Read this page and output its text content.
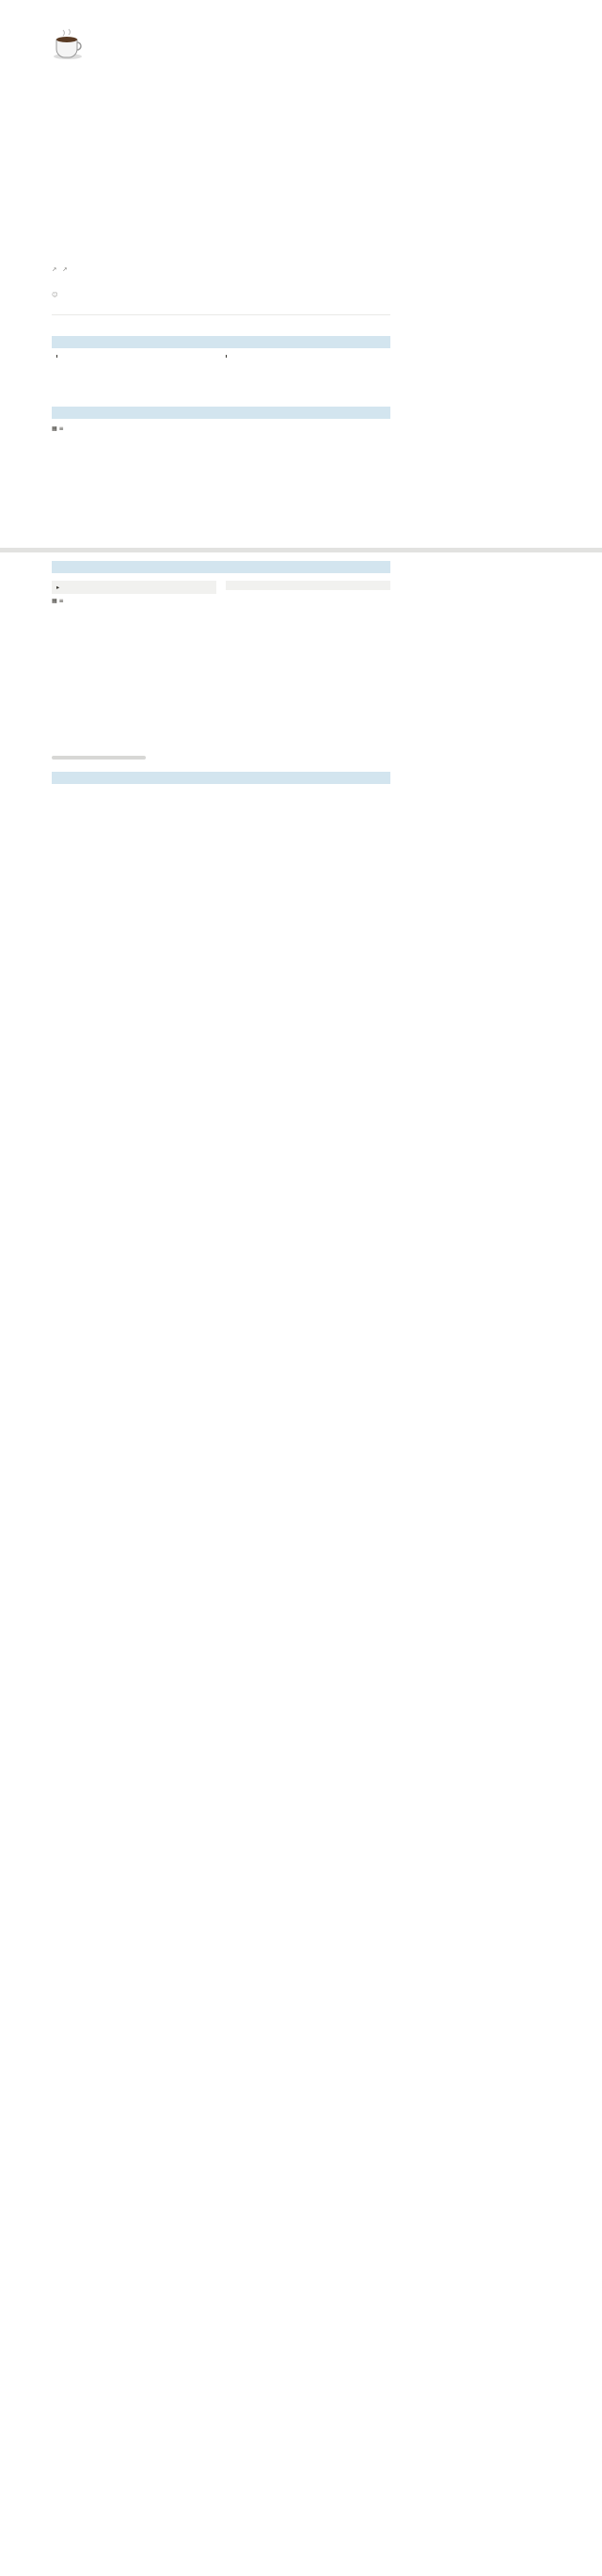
↗   ↗
☺
▦ ≡
▸
▦ ≡
